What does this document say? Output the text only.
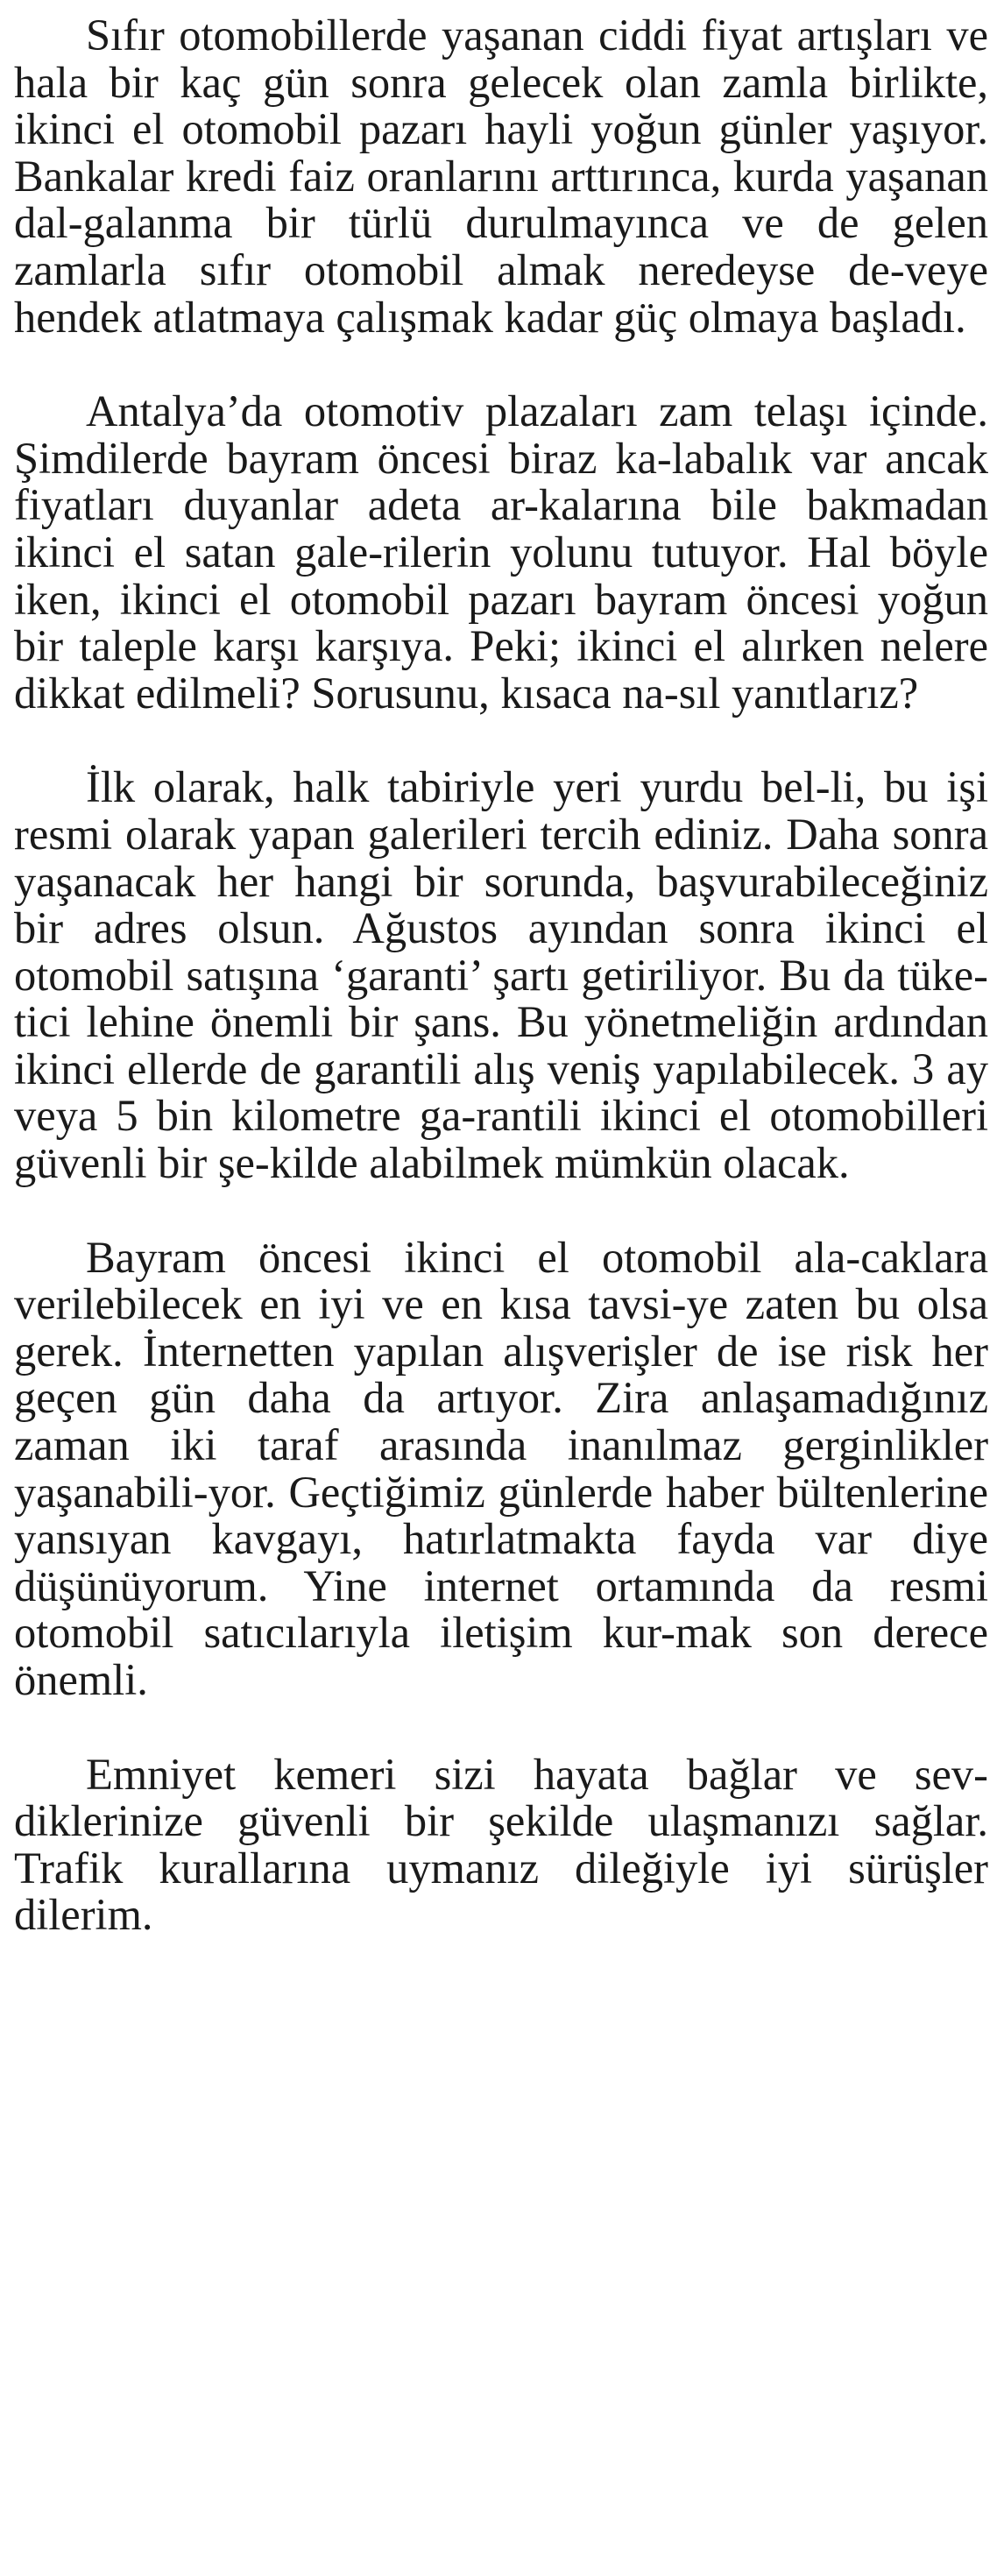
Sıfır otomobillerde yaşanan ciddi fiyat artışları ve hala bir kaç gün sonra gelecek olan zamla birlikte, ikinci el otomobil pazarı hayli yoğun günler yaşıyor. Bankalar kredi faiz oranlarını arttırınca, kurda yaşanan dal-galanma bir türlü durulmayınca ve de gelen zamlarla sıfır otomobil almak neredeyse de-veye hendek atlatmaya çalışmak kadar güç olmaya başladı.

Antalya’da otomotiv plazaları zam telaşı içinde. Şimdilerde bayram öncesi biraz ka-labalık var ancak fiyatları duyanlar adeta ar-kalarına bile bakmadan ikinci el satan gale-rilerin yolunu tutuyor. Hal böyle iken, ikinci el otomobil pazarı bayram öncesi yoğun bir taleple karşı karşıya. Peki; ikinci el alırken nelere dikkat edilmeli? Sorusunu, kısaca na-sıl yanıtlarız?

İlk olarak, halk tabiriyle yeri yurdu bel-li, bu işi resmi olarak yapan galerileri tercih ediniz. Daha sonra yaşanacak her hangi bir sorunda, başvurabileceğiniz bir adres olsun. Ağustos ayından sonra ikinci el otomobil satışına ‘garanti’ şartı getiriliyor. Bu da tüke-tici lehine önemli bir şans. Bu yönetmeliğin ardından ikinci ellerde de garantili alış veniş yapılabilecek. 3 ay veya 5 bin kilometre ga-rantili ikinci el otomobilleri güvenli bir şe-kilde alabilmek mümkün olacak.

Bayram öncesi ikinci el otomobil ala-caklara verilebilecek en iyi ve en kısa tavsi-ye zaten bu olsa gerek. İnternetten yapılan alışverişler de ise risk her geçen gün daha da artıyor. Zira anlaşamadığınız zaman iki taraf arasında inanılmaz gerginlikler yaşanabili-yor. Geçtiğimiz günlerde haber bültenlerine yansıyan kavgayı, hatırlatmakta fayda var diye düşünüyorum. Yine internet ortamında da resmi otomobil satıcılarıyla iletişim kur-mak son derece önemli.

Emniyet kemeri sizi hayata bağlar ve sev-diklerinize güvenli bir şekilde ulaşmanızı sağlar. Trafik kurallarına uymanız dileğiyle iyi sürüşler dilerim.
